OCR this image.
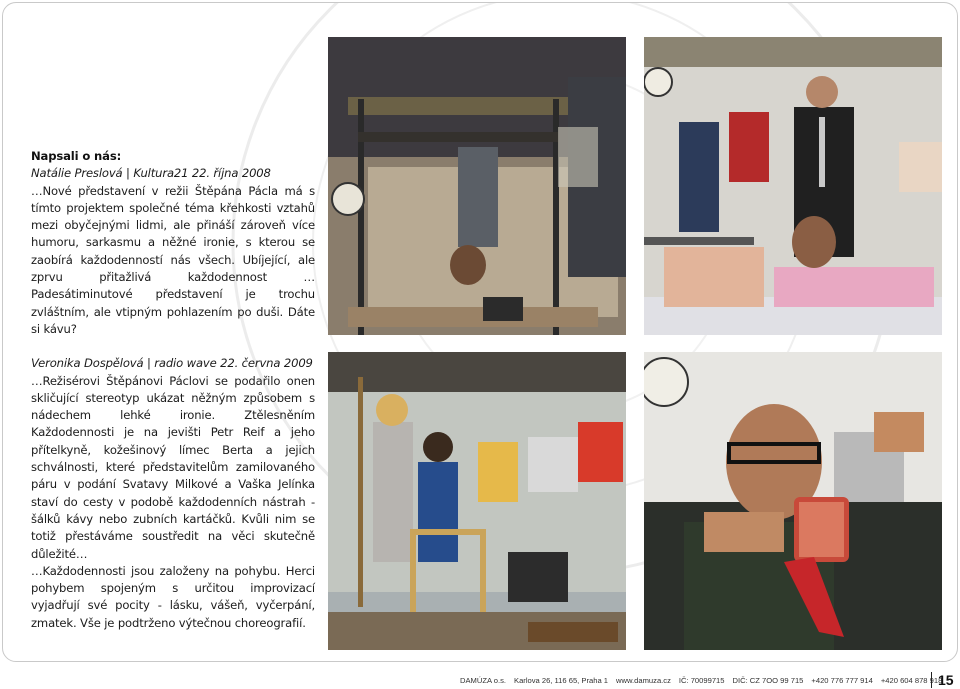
Napsali o nás:
Natálie Preslová | Kultura21 22. října 2008

…Nové představení v režii Štěpána Pácla má s tímto projektem společné téma křehkosti vztahů mezi obyčejnými lidmi, ale přináší zároveň více humoru, sarkasmu a něžné ironie, s kterou se zaobírá každodenností nás všech. Ubíjející, ale zprvu přitažlivá každodennost … Padesátiminutové představení je trochu zvláštním, ale vtipným pohlazením po duši. Dáte si kávu?

Veronika Dospělová | radio wave 22. června 2009

…Režisérovi Štěpánovi Páclovi se podařilo onen skličující stereotyp ukázat něžným způsobem s nádechem lehké ironie. Ztělesněním Každodennosti je na jevišti Petr Reif a jeho přítelkyně, kožešinový límec Berta a jejich schválnosti, které představitelům zamilovaného páru v podání Svatavy Milkové a Vaška Jelínka staví do cesty v podobě každodenních nástrah - šálků kávy nebo zubních kartáčků. Kvůli nim se totiž přestáváme soustředit na věci skutečně důležité…

…Každodennosti jsou založeny na pohybu. Herci pohybem spojeným s určitou improvizací vyjadřují své pocity - lásku, vášeň, vyčerpání, zmatek. Vše je podtrženo výtečnou choreografií.

DAMÚZA o.s. Karlova 26, 116 65, Praha 1 www.damuza.cz IČ: 70099715 DIČ: CZ 7OO 99 715 +420 776 777 914 +420 604 878 918
15
